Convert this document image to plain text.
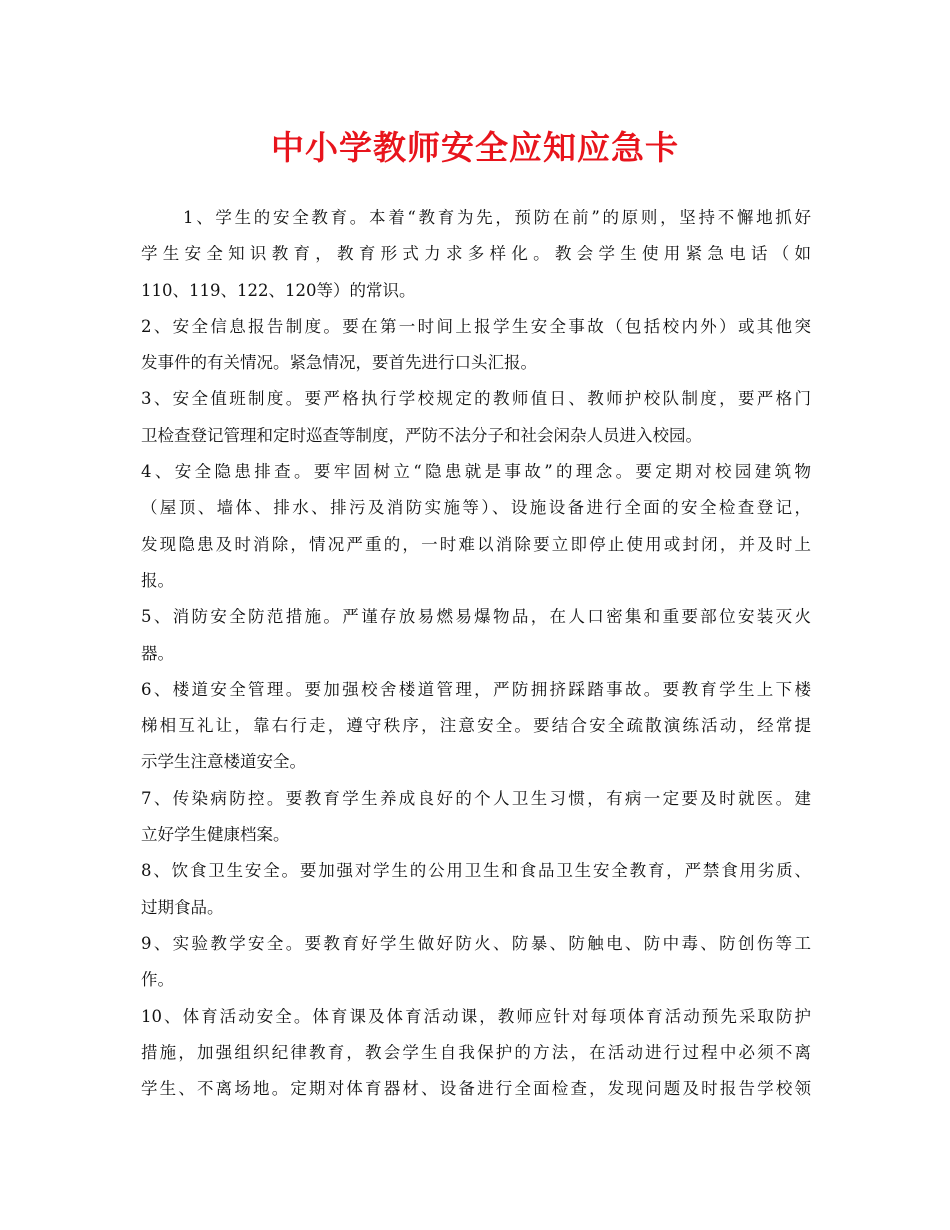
中小学教师安全应知应急卡
1、学生的安全教育。本着“教育为先，预防在前”的原则，坚持不懈地抓好
学生安全知识教育，教育形式力求多样化。教会学生使用紧急电话（如
110、119、122、120等）的常识。
2、安全信息报告制度。要在第一时间上报学生安全事故（包括校内外）或其他突
发事件的有关情况。紧急情况，要首先进行口头汇报。
3、安全值班制度。要严格执行学校规定的教师值日、教师护校队制度，要严格门
卫检查登记管理和定时巡查等制度，严防不法分子和社会闲杂人员进入校园。
4、安全隐患排查。要牢固树立“隐患就是事故”的理念。要定期对校园建筑物
（屋顶、墙体、排水、排污及消防实施等）、设施设备进行全面的安全检查登记，
发现隐患及时消除，情况严重的，一时难以消除要立即停止使用或封闭，并及时上
报。
5、消防安全防范措施。严谨存放易燃易爆物品，在人口密集和重要部位安装灭火
器。
6、楼道安全管理。要加强校舍楼道管理，严防拥挤踩踏事故。要教育学生上下楼
梯相互礼让，靠右行走，遵守秩序，注意安全。要结合安全疏散演练活动，经常提
示学生注意楼道安全。
7、传染病防控。要教育学生养成良好的个人卫生习惯，有病一定要及时就医。建
立好学生健康档案。
8、饮食卫生安全。要加强对学生的公用卫生和食品卫生安全教育，严禁食用劣质、
过期食品。
9、实验教学安全。要教育好学生做好防火、防暴、防触电、防中毒、防创伤等工
作。
10、体育活动安全。体育课及体育活动课，教师应针对每项体育活动预先采取防护
措施，加强组织纪律教育，教会学生自我保护的方法，在活动进行过程中必须不离
学生、不离场地。定期对体育器材、设备进行全面检查，发现问题及时报告学校领
